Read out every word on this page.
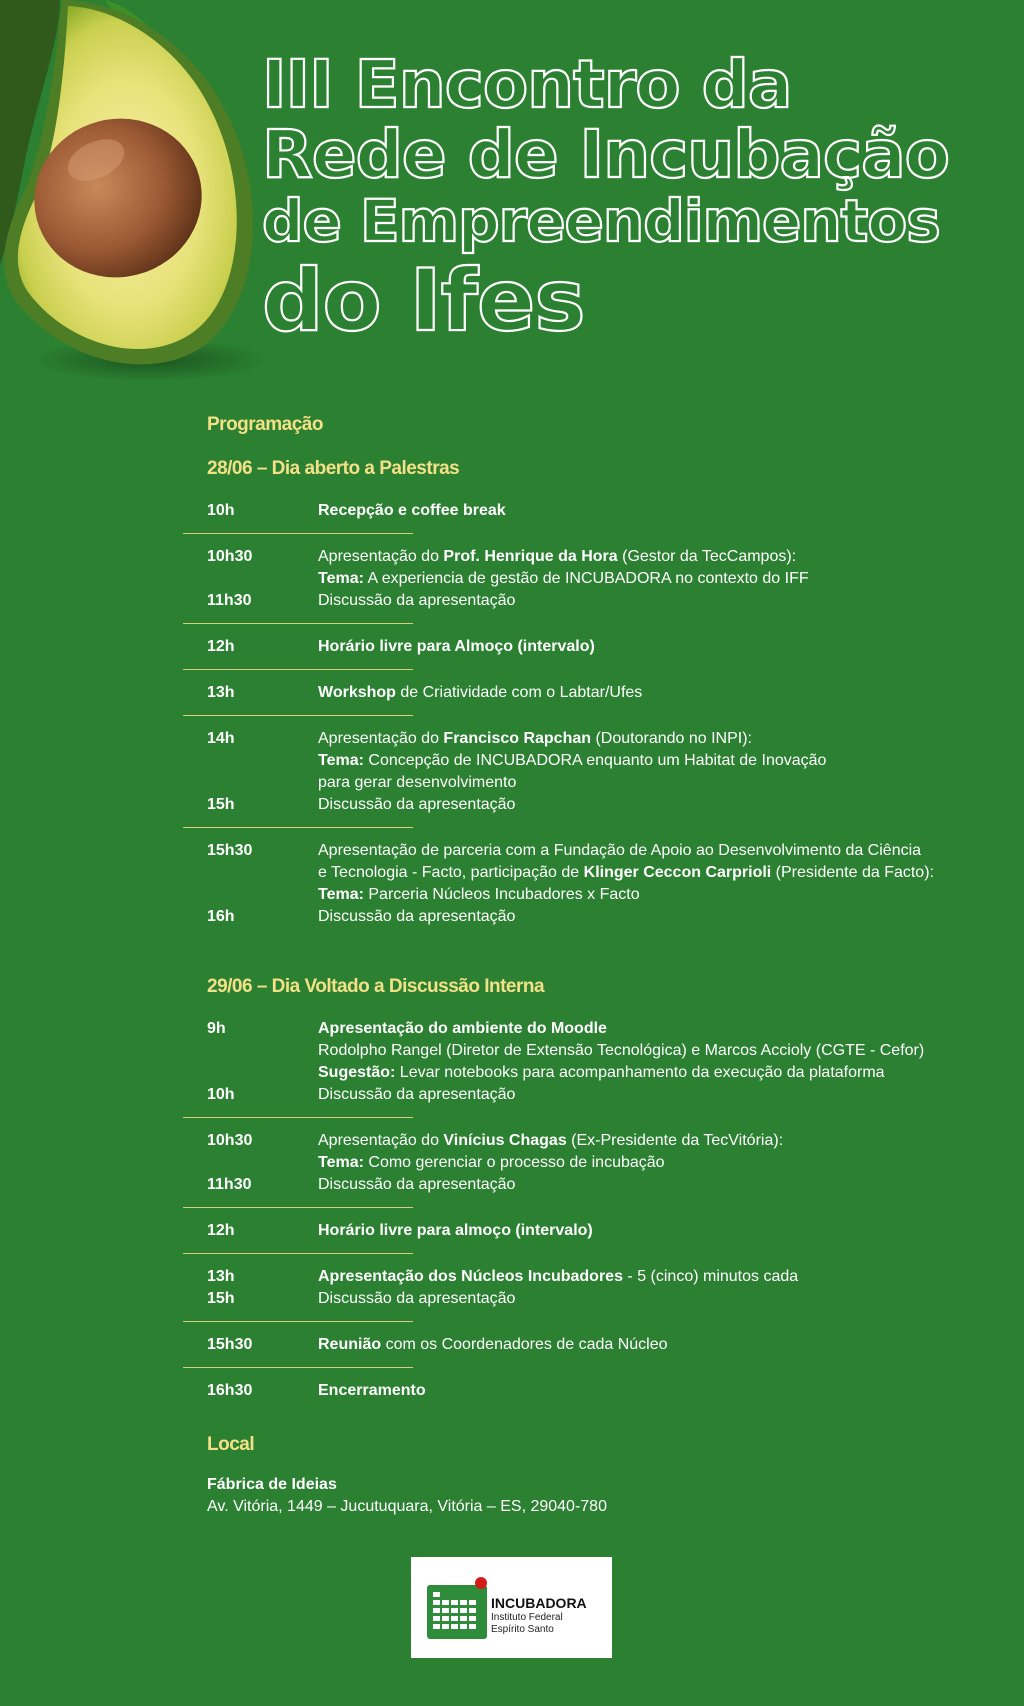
III Encontro da
Rede de Incubação
de Empreendimentos
do Ifes
Programação
28/06 – Dia aberto a Palestras
10h	Recepção e coffee break
10h30	Apresentação do Prof. Henrique da Hora (Gestor da TecCampos):
Tema: A experiencia de gestão de INCUBADORA no contexto do IFF
11h30	Discussão da apresentação
12h	Horário livre para Almoço (intervalo)
13h	Workshop de Criatividade com o Labtar/Ufes
14h	Apresentação do Francisco Rapchan (Doutorando no INPI):
Tema: Concepção de INCUBADORA enquanto um Habitat de Inovação
para gerar desenvolvimento
15h	Discussão da apresentação
15h30	Apresentação de parceria com a Fundação de Apoio ao Desenvolvimento da Ciência
e Tecnologia - Facto, participação de Klinger Ceccon Carprioli (Presidente da Facto):
Tema: Parceria Núcleos Incubadores x Facto
16h	Discussão da apresentação
29/06 – Dia Voltado a Discussão Interna
9h	Apresentação do ambiente do Moodle
Rodolpho Rangel (Diretor de Extensão Tecnológica) e Marcos Accioly (CGTE - Cefor)
Sugestão: Levar notebooks para acompanhamento da execução da plataforma
10h	Discussão da apresentação
10h30	Apresentação do Vinícius Chagas (Ex-Presidente da TecVitória):
Tema: Como gerenciar o processo de incubação
11h30	Discussão da apresentação
12h	Horário livre para almoço (intervalo)
13h	Apresentação dos Núcleos Incubadores - 5 (cinco) minutos cada
15h	Discussão da apresentação
15h30	Reunião com os Coordenadores de cada Núcleo
16h30	Encerramento
Local
Fábrica de Ideias
Av. Vitória, 1449 – Jucutuquara, Vitória – ES, 29040-780
INCUBADORA
Instituto Federal
Espírito Santo
